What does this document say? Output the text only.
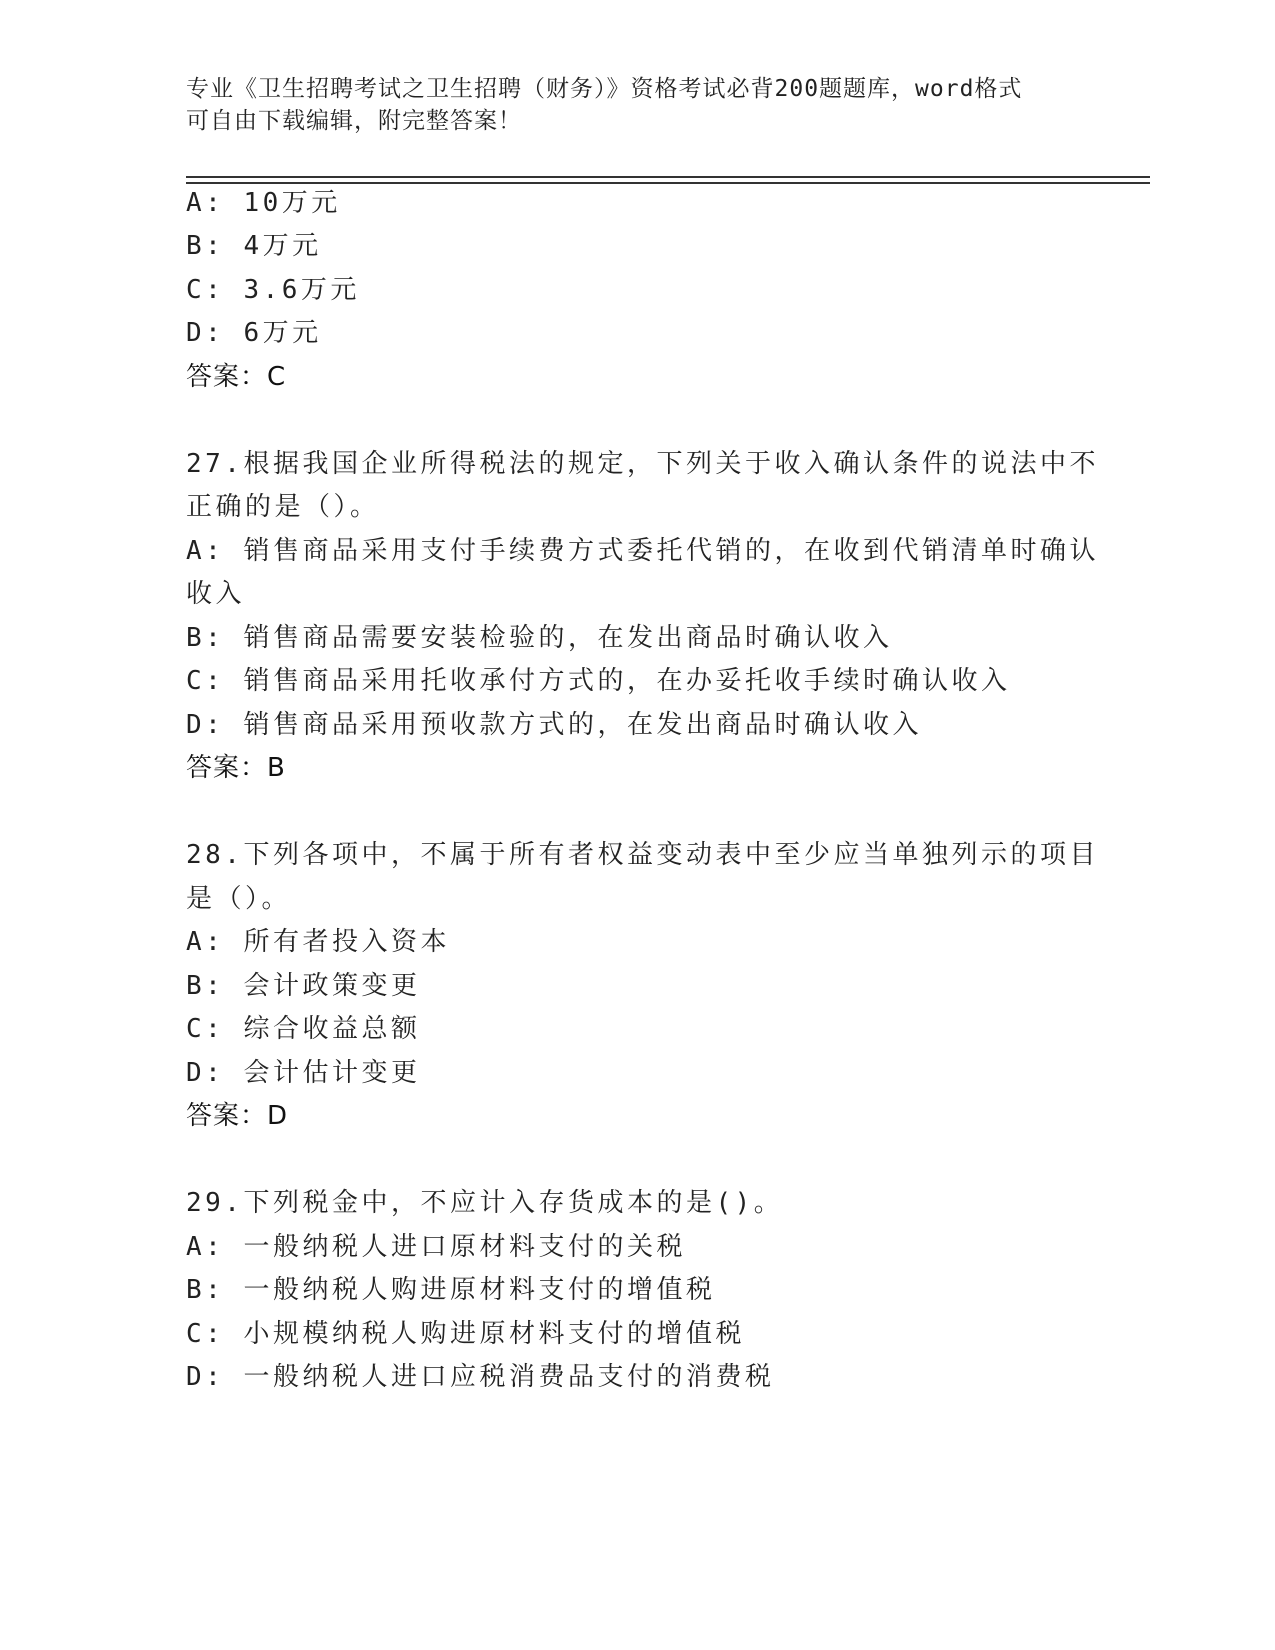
专业《卫生招聘考试之卫生招聘（财务）》资格考试必背200题题库，word格式
可自由下载编辑，附完整答案！
A: 10万元
B: 4万元
C: 3.6万元
D: 6万元
答案：C
27.根据我国企业所得税法的规定，下列关于收入确认条件的说法中不
正确的是（）。
A: 销售商品采用支付手续费方式委托代销的，在收到代销清单时确认
收入
B: 销售商品需要安装检验的，在发出商品时确认收入
C: 销售商品采用托收承付方式的，在办妥托收手续时确认收入
D: 销售商品采用预收款方式的，在发出商品时确认收入
答案：B
28.下列各项中，不属于所有者权益变动表中至少应当单独列示的项目
是（）。
A: 所有者投入资本
B: 会计政策变更
C: 综合收益总额
D: 会计估计变更
答案：D
29.下列税金中，不应计入存货成本的是()。
A: 一般纳税人进口原材料支付的关税
B: 一般纳税人购进原材料支付的增值税
C: 小规模纳税人购进原材料支付的增值税
D: 一般纳税人进口应税消费品支付的消费税
